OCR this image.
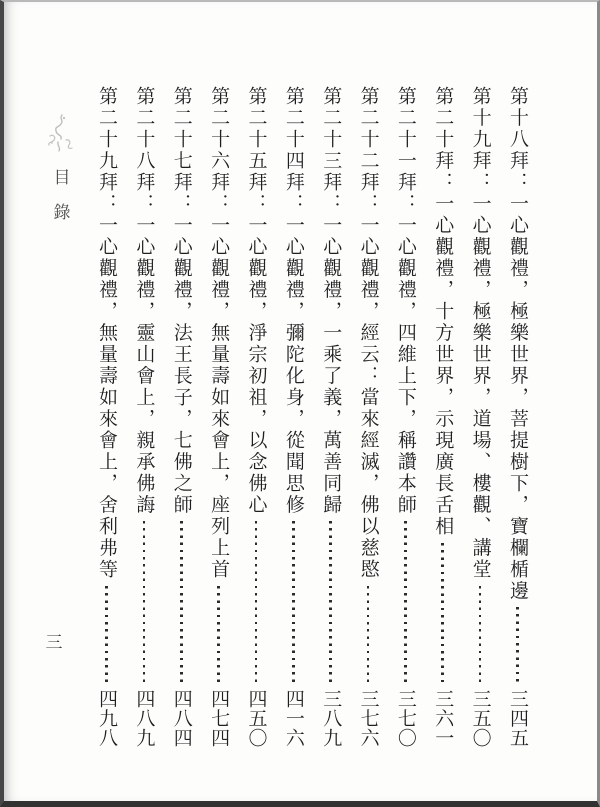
第十八拜：一心觀禮，極樂世界，菩提樹下，寶欄楯邊
三四五
第十九拜：一心觀禮，極樂世界，道場、樓觀、講堂
三五〇
第二十拜：一心觀禮，十方世界，示現廣長舌相
三六一
第二十一拜：一心觀禮，四維上下，稱讚本師
三七〇
第二十二拜：一心觀禮，經云：當來經滅，佛以慈愍
三七六
第二十三拜：一心觀禮，一乘了義，萬善同歸
三八九
第二十四拜：一心觀禮，彌陀化身，從聞思修
四一六
第二十五拜：一心觀禮，淨宗初祖，以念佛心
四五〇
第二十六拜：一心觀禮，無量壽如來會上，座列上首
四七四
第二十七拜：一心觀禮，法王長子，七佛之師
四八四
第二十八拜：一心觀禮，靈山會上，親承佛誨
四八九
第二十九拜：一心觀禮，無量壽如來會上，舍利弗等
四九八
目錄
三
